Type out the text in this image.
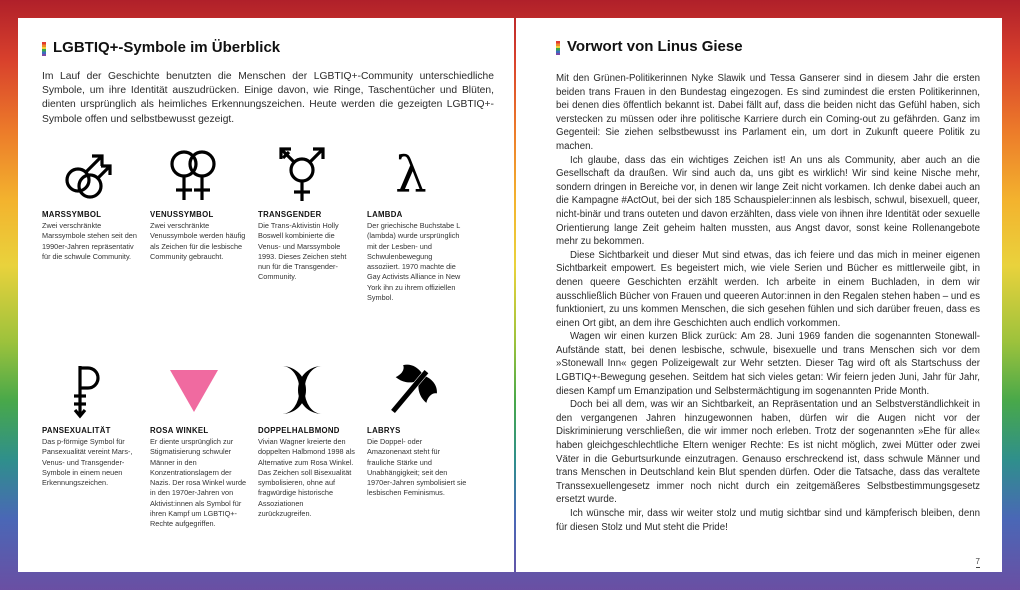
LGBTIQ+-Symbole im Überblick
Im Lauf der Geschichte benutzten die Menschen der LGBTIQ+-Community unterschiedliche Symbole, um ihre Identität auszudrücken. Einige davon, wie Ringe, Taschentücher und Blüten, dienten ursprünglich als heimliches Erkennungszeichen. Heute werden die gezeigten LGBTIQ+-Symbole offen und selbstbewusst gezeigt.
MARSSYMBOL
Zwei verschränkte Marssymbole stehen seit den 1990er-Jahren repräsentativ für die schwule Community.
VENUSSYMBOL
Zwei verschränkte Venussymbole werden häufig als Zeichen für die lesbische Community gebraucht.
TRANSGENDER
Die Trans-Aktivistin Holly Boswell kombinierte die Venus- und Marssymbole 1993. Dieses Zeichen steht nun für die Transgender-Community.
λ
LAMBDA
Der griechische Buchstabe L (lambda) wurde ursprünglich mit der Lesben- und Schwulenbewegung assoziiert. 1970 machte die Gay Activists Alliance in New York ihn zu ihrem offiziellen Symbol.
PANSEXUALITÄT
Das p-förmige Symbol für Pansexualität vereint Mars-, Venus- und Transgender-Symbole in einem neuen Erkennungszeichen.
ROSA WINKEL
Er diente ursprünglich zur Stigmatisierung schwuler Männer in den Konzentrationslagern der Nazis. Der rosa Winkel wurde in den 1970er-Jahren von Aktivist:innen als Symbol für ihren Kampf um LGBTIQ+-Rechte aufgegriffen.
DOPPELHALBMOND
Vivian Wagner kreierte den doppelten Halbmond 1998 als Alternative zum Rosa Winkel. Das Zeichen soll Bisexualität symbolisieren, ohne auf fragwürdige historische Assoziationen zurückzugreifen.
LABRYS
Die Doppel- oder Amazonenaxt steht für frauliche Stärke und Unabhängigkeit; seit den 1970er-Jahren symbolisiert sie lesbischen Feminismus.
Vorwort von Linus Giese

Mit den Grünen-Politikerinnen Nyke Slawik und Tessa Ganserer sind in diesem Jahr die ersten beiden trans Frauen in den Bundestag eingezogen. Es sind zumindest die ersten Politikerinnen, bei denen dies öffentlich bekannt ist. Dabei fällt auf, dass die beiden nicht das Gefühl haben, sich verstecken zu müssen oder ihre politische Karriere durch ein Coming-out zu gefährden. Ganz im Gegenteil: Sie ziehen selbstbewusst ins Parlament ein, um dort in Zukunft queere Politik zu machen.

Ich glaube, dass das ein wichtiges Zeichen ist! An uns als Community, aber auch an die Gesellschaft da draußen. Wir sind auch da, uns gibt es wirklich! Wir sind keine Nische mehr, sondern dringen in Bereiche vor, in denen wir lange Zeit nicht vorkamen. Ich denke dabei auch an die Kampagne #ActOut, bei der sich 185 Schauspieler:innen als lesbisch, schwul, bisexuell, queer, nicht-binär und trans outeten und davon erzählten, dass viele von ihnen ihre Identität oder sexuelle Orientierung lange Zeit geheim halten mussten, aus Angst davor, sonst keine Rollenangebote mehr zu bekommen.

Diese Sichtbarkeit und dieser Mut sind etwas, das ich feiere und das mich in meiner eigenen Sichtbarkeit empowert. Es begeistert mich, wie viele Serien und Bücher es mittlerweile gibt, in denen queere Geschichten erzählt werden. Ich arbeite in einem Buchladen, in dem wir ausschließlich Bücher von Frauen und queeren Autor:innen in den Regalen stehen haben – und es funktioniert, zu uns kommen Menschen, die sich gesehen fühlen und sich darüber freuen, dass es einen Ort gibt, an dem ihre Geschichten auch endlich vorkommen.

Wagen wir einen kurzen Blick zurück: Am 28. Juni 1969 fanden die sogenannten Stonewall-Aufstände statt, bei denen lesbische, schwule, bisexuelle und trans Menschen sich vor dem »Stonewall Inn« gegen Polizeigewalt zur Wehr setzten. Dieser Tag wird oft als Startschuss der LGBTIQ+-Bewegung gesehen. Seitdem hat sich vieles getan: Wir feiern jeden Juni, Jahr für Jahr, diesen Kampf um Emanzipation und Selbstermächtigung im sogenannten Pride Month.

Doch bei all dem, was wir an Sichtbarkeit, an Repräsentation und an Selbstverständlichkeit in den vergangenen Jahren hinzugewonnen haben, dürfen wir die Augen nicht vor der Diskriminierung verschließen, die wir immer noch erleben. Trotz der sogenannten »Ehe für alle« haben gleichgeschlechtliche Eltern weniger Rechte: Es ist nicht möglich, zwei Mütter oder zwei Väter in die Geburtsurkunde einzutragen. Genauso erschreckend ist, dass schwule Männer und trans Menschen in Deutschland kein Blut spenden dürfen. Oder die Tatsache, dass das veraltete Transsexuellengesetz immer noch nicht durch ein zeitgemäßeres Selbstbestimmungsgesetz ersetzt wurde.

Ich wünsche mir, dass wir weiter stolz und mutig sichtbar sind und kämpferisch bleiben, denn für diesen Stolz und Mut steht die Pride!

7
